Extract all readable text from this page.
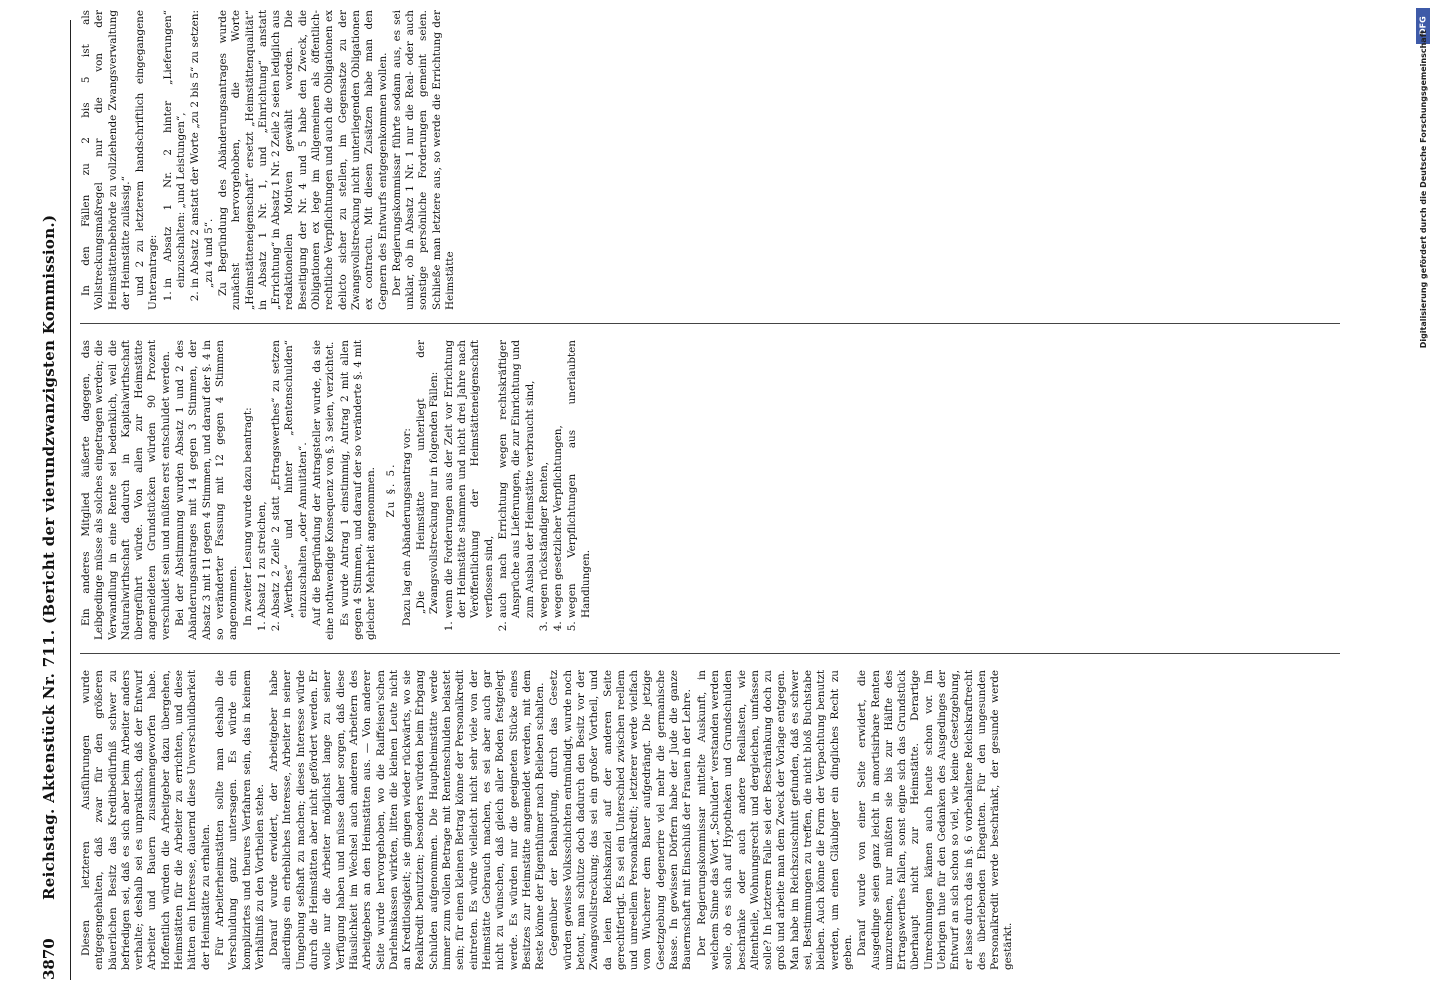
3870
Reichstag. Aktenstück Nr. 711. (Bericht der vierundzwanzigsten Kommission.) Diesen letzteren Ausführungen wurde entgegengehalten, daß zwar für den größeren bäuerlichen Besitz das Kreditbedürfniß schwer zu befriedigen sei, daß es sich aber beim Arbeiter anders verhalte; deshalb sei es unpraktisch, daß der Entwurf Arbeiter und Bauern zusammengeworfen habe. Hoffentlich würden die Arbeitgeber dazu übergehen, Heimstätten für die Arbeiter zu errichten, und diese hätten ein Interesse, dauernd diese Unverschuldbarkeit der Heimstätte zu erhalten. Für Arbeiterheimstätten sollte man deshalb die Verschuldung ganz untersagen. Es würde ein komplizirtes und theures Verfahren sein, das in keinem Verhältniß zu den Vortheilen stehe. Darauf wurde erwidert, der Arbeitgeber habe allerdings ein erhebliches Interesse, Arbeiter in seiner Umgebung seßhaft zu machen; dieses Interesse würde durch die Heimstätten aber nicht gefördert werden. Er wolle nur die Arbeiter möglichst lange zu seiner Verfügung haben und müsse daher sorgen, daß diese Häuslichkeit im Wechsel auch anderen Arbeitern des Arbeitgebers an den Heimstätten aus. — Von anderer Seite wurde hervorgehoben, wo die Raiffeisen'schen Darlehnskassen wirkten, litten die kleinen Leute nicht an Kreditlosigkeit; sie gingen wieder rückwärts, wo sie Realkredit benutzten; besonders würden beim Erbgang Schulden aufgenommen. Die Hauptheimstätte werde immer zum vollen Betrage mit Rentenschulden belastet sein; für einen kleinen Betrag könne der Personalkredit eintreten. Es würde vielleicht nicht sehr viele von der Heimstätte Gebrauch machen, es sei aber auch gar nicht zu wünschen, daß gleich aller Boden festgelegt werde. Es würden nur die geeigneten Stücke eines Besitzes zur Heimstätte angemeldet werden, mit dem Reste könne der Eigenthümer nach Belieben schalten. Gegenüber der Behauptung, durch das Gesetz würden gewisse Volksschichten entmündigt, wurde noch betont, man schütze doch dadurch den Besitz vor der Zwangsvollstreckung; das sei ein großer Vortheil, und da leien Reichskanzlei auf der anderen Seite gerechtfertigt. Es sei ein Unterschied zwischen reellem und unreellem Personalkredit; letzterer werde vielfach vom Wucherer dem Bauer aufgedrängt. Die jetzige Gesetzgebung degenerire viel mehr die germanische Rasse. In gewissen Dörfern habe der Jude die ganze Bauernschaft mit Einschluß der Frauen in der Lehre. Der Regierungskommissar mittelte Auskunft, in welchem Sinne das Wort „Schulden“ verstanden werden solle, ob es sich auf Hypotheken und Grundschulden beschränke oder auch andere Reallasten, wie Altentheile, Wohnungsrecht und dergleichen, umfassen solle? In letzterem Falle sei der Beschränkung doch zu groß und arbeite man dem Zweck der Vorlage entgegen. Man habe im Reichszuschnitt gefunden, daß es schwer sei, Bestimmungen zu treffen, die nicht bloß Buchstabe bleiben. Auch könne die Form der Verpachtung benutzt werden, um einen Gläubiger ein dingliches Recht zu geben. Darauf wurde von einer Seite erwidert, die Ausgedinge seien ganz leicht in amortisirbare Renten umzurechnen, nur müßten sie bis zur Hälfte des Ertragswerthes fallen, sonst eigne sich das Grundstück überhaupt nicht zur Heimstätte. Derartige Umrechnungen kämen auch heute schon vor. Im Uebrigen thue für den Gedanken des Ausgedinges der Entwurf an sich schon so viel, wie keine Gesetzgebung, er lasse durch das in §. 6 vorbehaltene Reichskraftrecht des überlebenden Ehegatten. Für den ungesunden Personalkredit werde beschränkt, der gesunde werde gestärkt.

Ein anderes Mitglied äußerte dagegen, das Leibgedinge müsse als solches eingetragen werden; die Verwandlung in eine Rente sei bedenklich, weil die Naturalwirthschaft dadurch in Kapitalwirthschaft übergeführt würde. Von allen zur Heimstätte angemeldeten Grundstücken würden 90 Prozent verschuldet sein und müßten erst entschuldet werden. Bei der Abstimmung wurden Absatz 1 und 2 des Abänderungsantrages mit 14 gegen 3 Stimmen, der Absatz 3 mit 11 gegen 4 Stimmen, und darauf der §. 4 in so veränderter Fassung mit 12 gegen 4 Stimmen angenommen. In zweiter Lesung wurde dazu beantragt: 1. Absatz 1 zu streichen, 2. Absatz 2 Zeile 2 statt „Ertragswerthes“ zu setzen „Werthes“ und hinter „Rentenschulden“ einzuschalten „oder Annuitäten“. Auf die Begründung der Antragsteller wurde, da sie eine nothwendige Konsequenz von §. 3 seien, verzichtet. Es wurde Antrag 1 einstimmig, Antrag 2 mit allen gegen 4 Stimmen, und darauf der so veränderte §. 4 mit gleicher Mehrheit angenommen. Zu §. 5. Dazu lag ein Abänderungsantrag vor: „Die Heimstätte unterliegt der Zwangsvollstreckung nur in folgenden Fällen: 1. wenn die Forderungen aus der Zeit vor Errichtung der Heimstätte stammen und nicht drei Jahre nach Veröffentlichung der Heimstätteneigenschaft verflossen sind, 2. auch nach Errichtung wegen rechtskräftiger Ansprüche aus Lieferungen, die zur Einrichtung und zum Ausbau der Heimstätte verbraucht sind, 3. wegen rückständiger Renten, 4. wegen gesetzlicher Verpflichtungen, 5. wegen Verpflichtungen aus unerlaubten Handlungen.

In den Fällen zu 2 bis 5 ist als Vollstreckungsmaßregel nur die von der Heimstättenbehörde zu vollziehende Zwangsverwaltung der Heimstätte zulässig.“ und 2 zu letzterem handschriftlich eingegangene Unterantrage: 1. in Absatz 1 Nr. 2 hinter „Lieferungen“ einzuschalten: „und Leistungen“, 2. in Absatz 2 anstatt der Worte „zu 2 bis 5“ zu setzen: „zu 4 und 5“. Zu Begründung des Abänderungsantrages wurde zunächst hervorgehoben, die Worte „Heimstätteneigenschaft“ ersetzt „Heimstättenqualität“ in Absatz 1 Nr. 1, und „Einrichtung“ anstatt „Errichtung“ in Absatz 1 Nr. 2 Zeile 2 seien lediglich aus redaktionellen Motiven gewählt worden. Die Beseitigung der Nr. 4 und 5 habe den Zweck, die Obligationen ex lege im Allgemeinen als öffentlich-rechtliche Verpflichtungen und auch die Obligationen ex delicto sicher zu stellen, im Gegensatze zu der Zwangsvollstreckung nicht unterliegenden Obligationen ex contractu. Mit diesen Zusätzen habe man den Gegnern des Entwurfs entgegenkommen wollen. Der Regierungskommissar führte sodann aus, es sei unklar, ob in Absatz 1 Nr. 1 nur die Real- oder auch sonstige persönliche Forderungen gemeint seien. Schließe man letztere aus, so werde die Errichtung der Heimstätte

DFG
Digitalisierung gefördert durch die Deutsche Forschungsgemeinschaft
